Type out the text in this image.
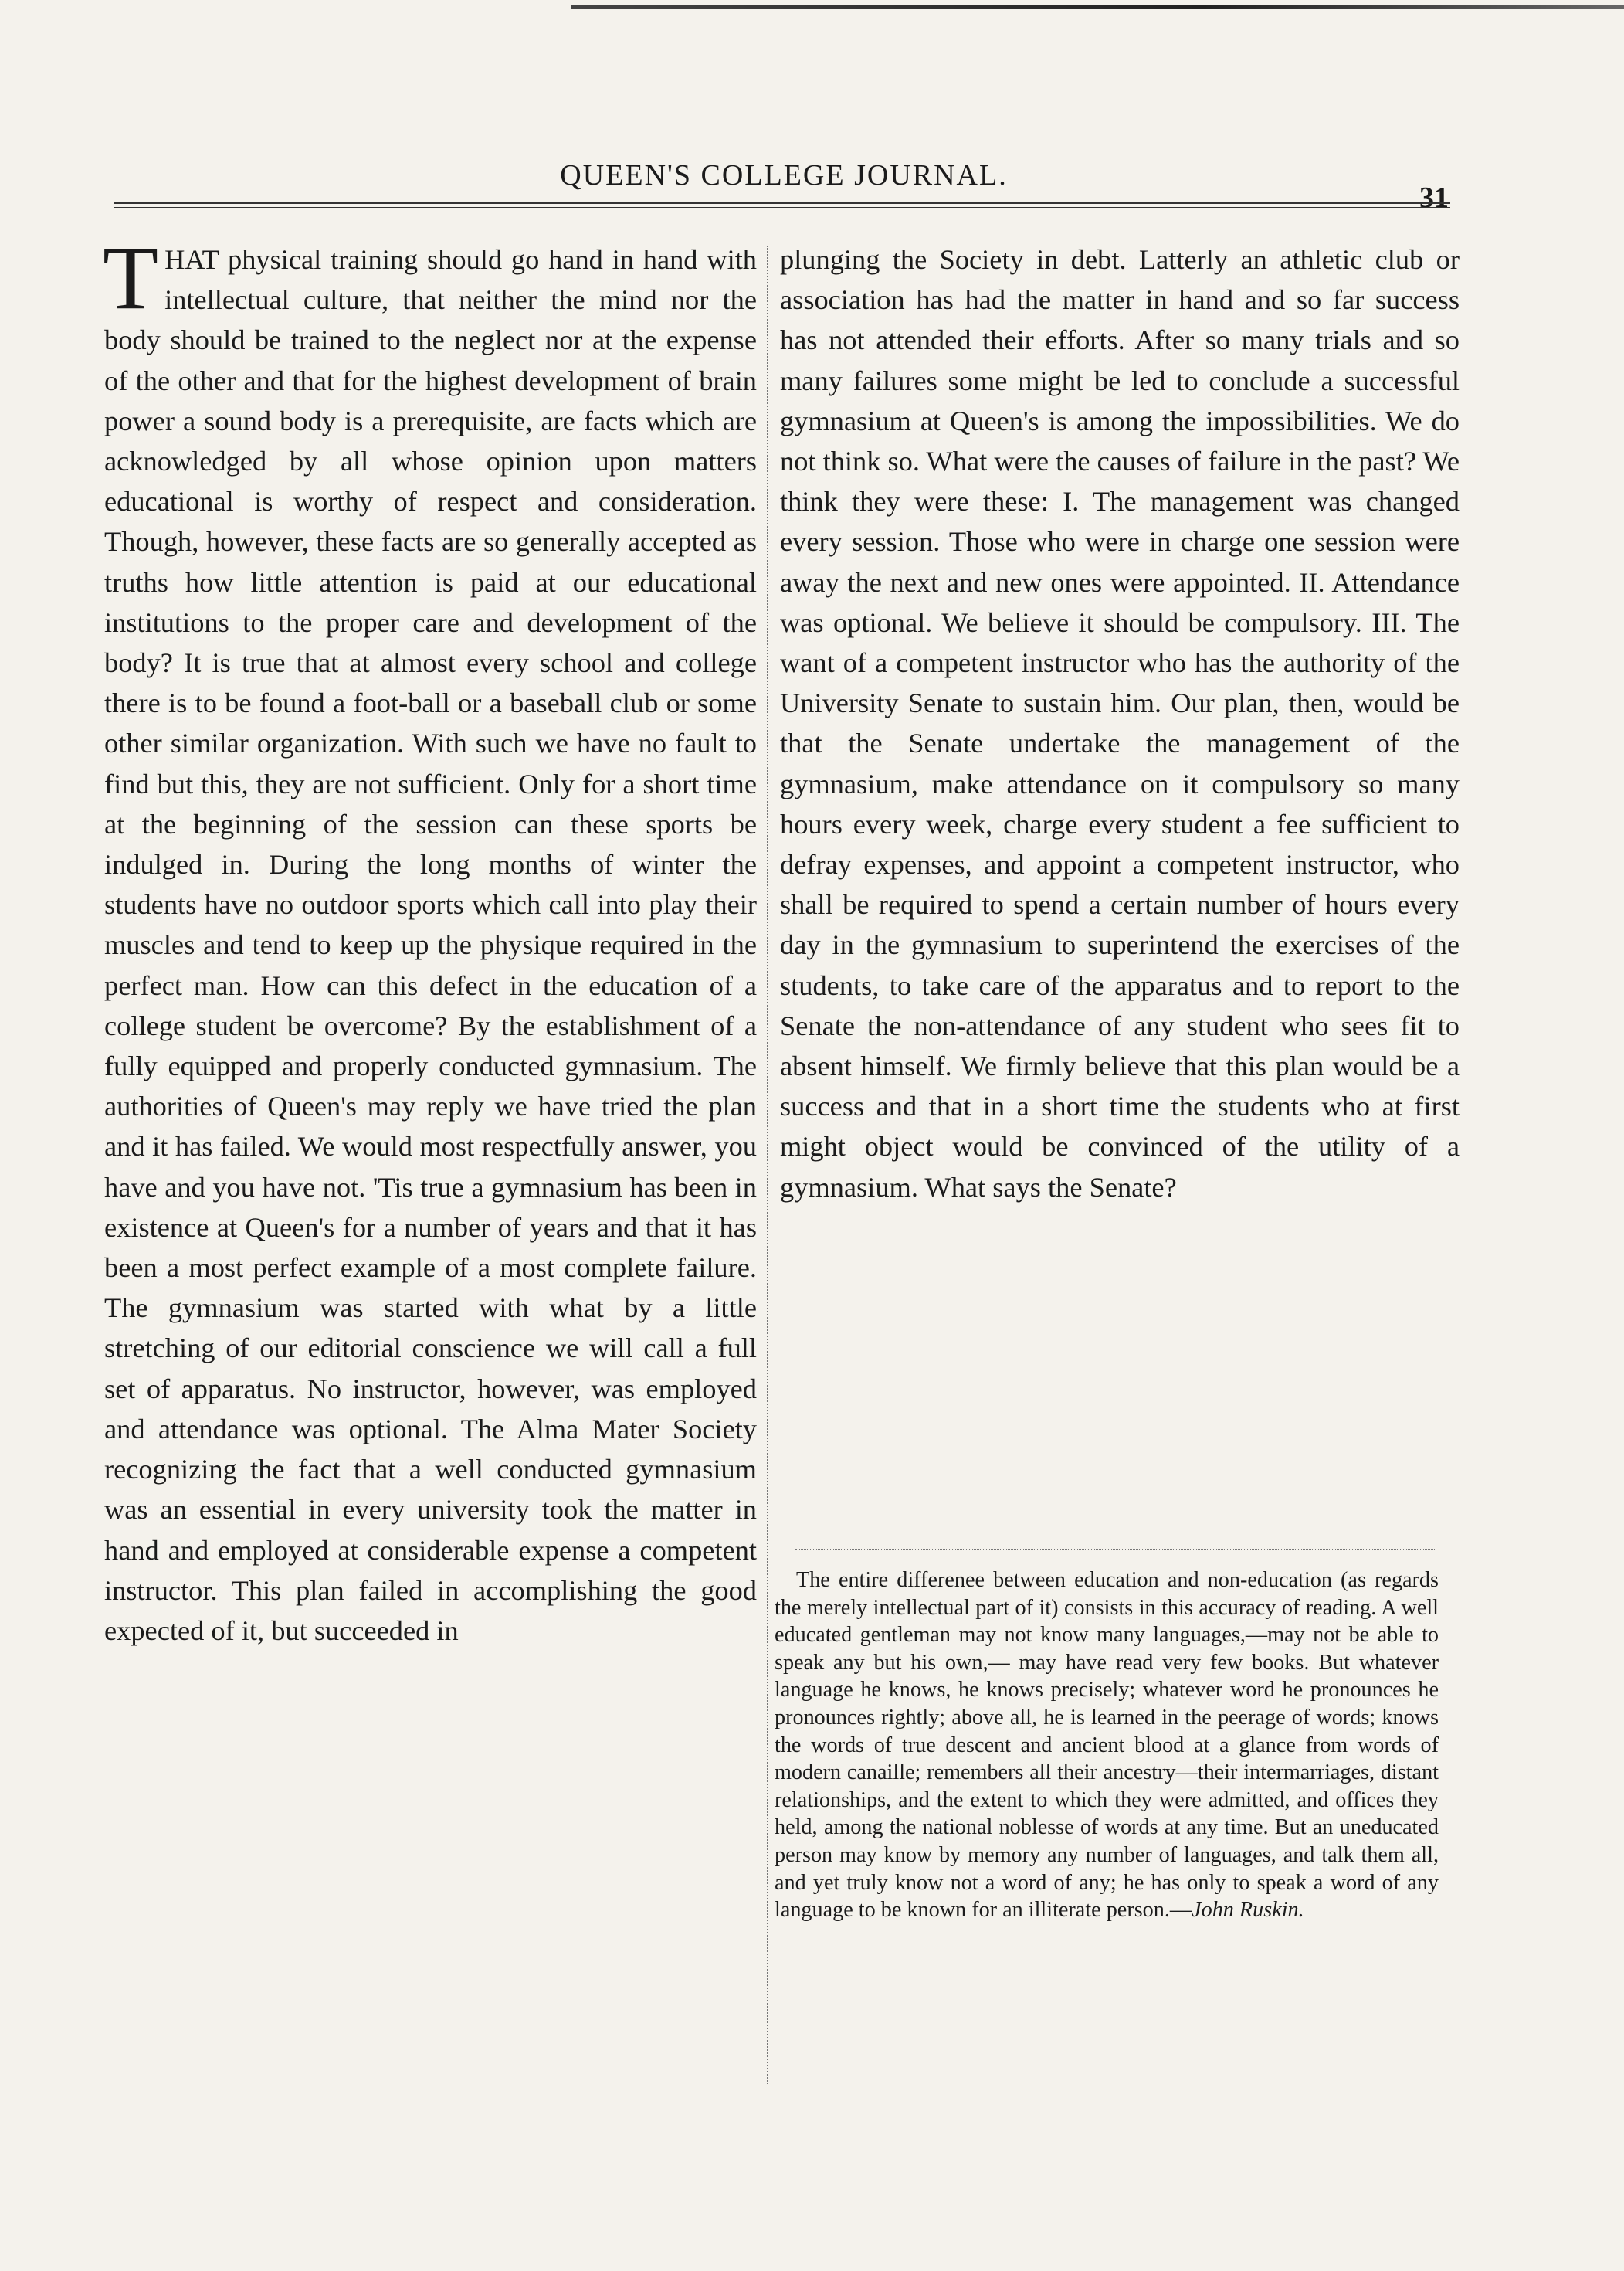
QUEEN'S COLLEGE JOURNAL.
31

THAT physical training should go hand in hand with intellectual culture, that neither the mind nor the body should be trained to the neglect nor at the expense of the other and that for the highest development of brain power a sound body is a prerequisite, are facts which are acknowledged by all whose opinion upon matters educational is worthy of respect and consideration. Though, however, these facts are so generally accepted as truths how little attention is paid at our educational institutions to the proper care and development of the body? It is true that at almost every school and college there is to be found a foot-ball or a baseball club or some other similar organization. With such we have no fault to find but this, they are not sufficient. Only for a short time at the beginning of the session can these sports be indulged in. During the long months of winter the students have no outdoor sports which call into play their muscles and tend to keep up the physique required in the perfect man. How can this defect in the education of a college student be overcome? By the establishment of a fully equipped and properly conducted gymnasium. The authorities of Queen's may reply we have tried the plan and it has failed. We would most respectfully answer, you have and you have not. 'Tis true a gymnasium has been in existence at Queen's for a number of years and that it has been a most perfect example of a most complete failure. The gymnasium was started with what by a little stretching of our editorial conscience we will call a full set of apparatus. No instructor, however, was employed and attendance was optional. The Alma Mater Society recognizing the fact that a well conducted gymnasium was an essential in every university took the matter in hand and employed at considerable expense a competent instructor. This plan failed in accomplishing the good expected of it, but succeeded in

plunging the Society in debt. Latterly an athletic club or association has had the matter in hand and so far success has not attended their efforts. After so many trials and so many failures some might be led to conclude a successful gymnasium at Queen's is among the impossibilities. We do not think so. What were the causes of failure in the past? We think they were these: I. The management was changed every session. Those who were in charge one session were away the next and new ones were appointed. II. Attendance was optional. We believe it should be compulsory. III. The want of a competent instructor who has the authority of the University Senate to sustain him. Our plan, then, would be that the Senate undertake the management of the gymnasium, make attendance on it compulsory so many hours every week, charge every student a fee sufficient to defray expenses, and appoint a competent instructor, who shall be required to spend a certain number of hours every day in the gymnasium to superintend the exercises of the students, to take care of the apparatus and to report to the Senate the non-attendance of any student who sees fit to absent himself. We firmly believe that this plan would be a success and that in a short time the students who at first might object would be convinced of the utility of a gymnasium. What says the Senate?

The entire differenee between education and non-education (as regards the merely intellectual part of it) consists in this accuracy of reading. A well educated gentleman may not know many languages,—may not be able to speak any but his own,— may have read very few books. But whatever language he knows, he knows precisely; whatever word he pronounces he pronounces rightly; above all, he is learned in the peerage of words; knows the words of true descent and ancient blood at a glance from words of modern canaille; remembers all their ancestry—their intermarriages, distant relationships, and the extent to which they were admitted, and offices they held, among the national noblesse of words at any time. But an uneducated person may know by memory any number of languages, and talk them all, and yet truly know not a word of any; he has only to speak a word of any language to be known for an illiterate person.—John Ruskin.
